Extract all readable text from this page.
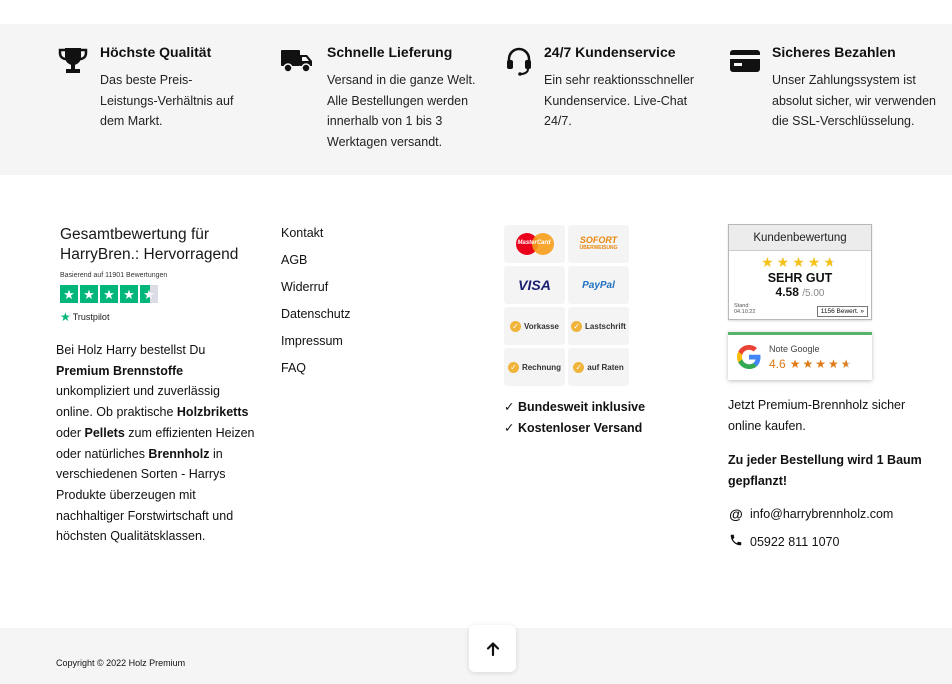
Höchste Qualität
Das beste Preis-Leistungs-Verhältnis auf dem Markt.
Schnelle Lieferung
Versand in die ganze Welt. Alle Bestellungen werden innerhalb von 1 bis 3 Werktagen versandt.
24/7 Kundenservice
Ein sehr reaktionsschneller Kundenservice. Live-Chat 24/7.
Sicheres Bezahlen
Unser Zahlungssystem ist absolut sicher, wir verwenden die SSL-Verschlüsselung.
Gesamtbewertung für HarryBren.: Hervorragend
Basierend auf 11901 Bewertungen
★ ★ ★ ★ ★
★ Trustpilot
Bei Holz Harry bestellst Du Premium Brennstoffe unkompliziert und zuverlässig online. Ob praktische Holzbriketts oder Pellets zum effizienten Heizen oder natürliches Brennholz in verschiedenen Sorten - Harrys Produkte überzeugen mit nachhaltiger Forstwirtschaft und höchsten Qualitätsklassen.
Kontakt
AGB
Widerruf
Datenschutz
Impressum
FAQ
MasterCard	SOFORT
ÜBERWEISUNG
VISA	PayPal
✓ Vorkasse ✓ Lastschrift
✓ Rechnung ✓ auf Raten
✓ Bundesweit inklusive
✓ Kostenloser Versand
Kundenbewertung
★★★★★
SEHR GUT
4.58 /5.00
Stand:
04.10.22	1156 Bewert. »
Note Google
4.6 ★★★★★
Jetzt Premium-Brennholz sicher online kaufen.
Zu jeder Bestellung wird 1 Baum gepflanzt!
@ info@harrybrennholz.com
05922 811 1070
Copyright © 2022 Holz Premium
